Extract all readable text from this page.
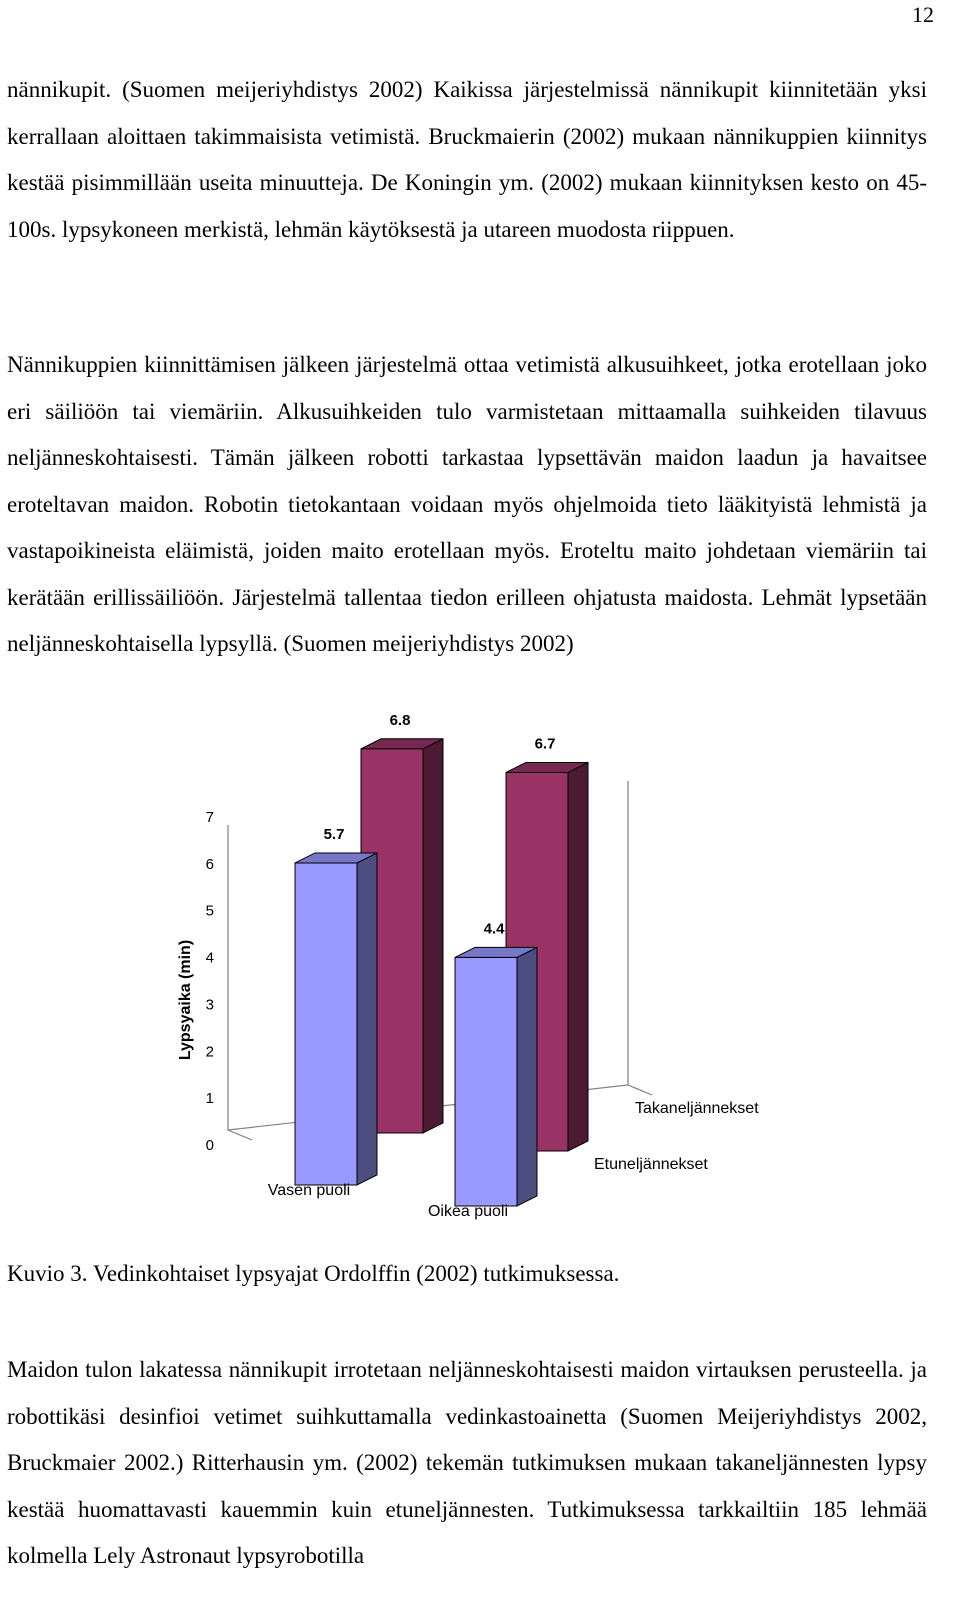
12

nännikupit. (Suomen meijeriyhdistys 2002) Kaikissa järjestelmissä nännikupit kiinnitetään yksi kerrallaan aloittaen takimmaisista vetimistä. Bruckmaierin (2002) mukaan nännikuppien kiinnitys kestää pisimmillään useita minuutteja. De Koningin ym. (2002) mukaan kiinnityksen kesto on 45-100s. lypsykoneen merkistä, lehmän käytöksestä ja utareen muodosta riippuen.

Nännikuppien kiinnittämisen jälkeen järjestelmä ottaa vetimistä alkusuihkeet, jotka erotellaan joko eri säiliöön tai viemäriin. Alkusuihkeiden tulo varmistetaan mittaamalla suihkeiden tilavuus neljänneskohtaisesti. Tämän jälkeen robotti tarkastaa lypsettävän maidon laadun ja havaitsee eroteltavan maidon. Robotin tietokantaan voidaan myös ohjelmoida tieto lääkityistä lehmistä ja vastapoikineista eläimistä, joiden maito erotellaan myös. Eroteltu maito johdetaan viemäriin tai kerätään erillissäiliöön. Järjestelmä tallentaa tiedon erilleen ohjatusta maidosta. Lehmät lypsetään neljänneskohtaisella lypsyllä. (Suomen meijeriyhdistys 2002)

0
1
2
3
4
5
6
7
Lypsyaika (min)
6.8
6.7
5.7
4.4
Vasen puoli
Oikea puoli
Takaneljännekset
Etuneljännekset

Kuvio 3. Vedinkohtaiset lypsyajat Ordolffin (2002) tutkimuksessa.

Maidon tulon lakatessa nännikupit irrotetaan neljänneskohtaisesti maidon virtauksen perusteella. ja robottikäsi desinfioi vetimet suihkuttamalla vedinkastoainetta (Suomen Meijeriyhdistys 2002, Bruckmaier 2002.) Ritterhausin ym. (2002) tekemän tutkimuksen mukaan takaneljännesten lypsy kestää huomattavasti kauemmin kuin etuneljännesten. Tutkimuksessa tarkkailtiin 185 lehmää kolmella Lely Astronaut lypsyrobotilla
